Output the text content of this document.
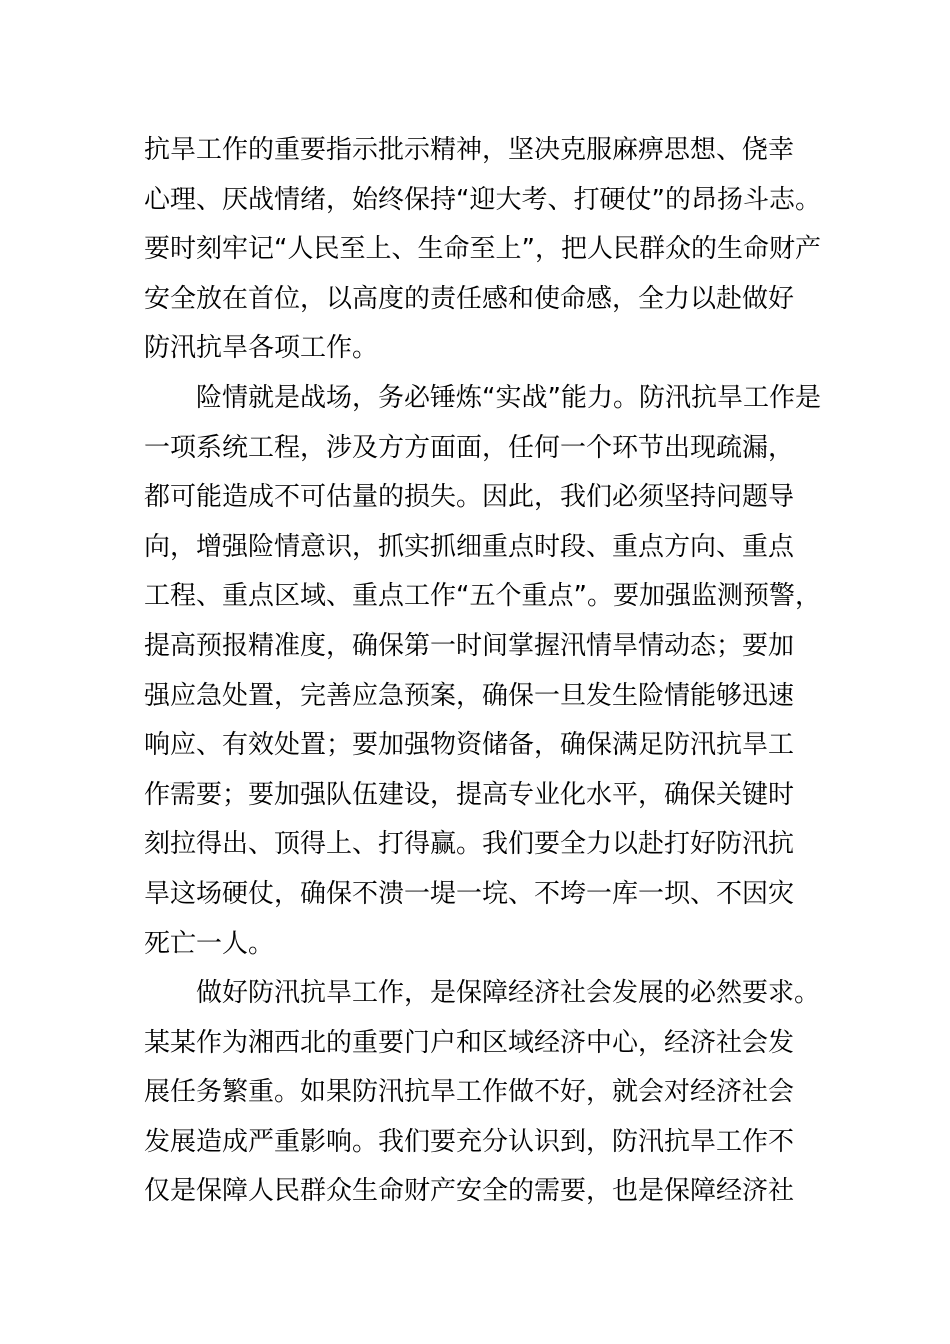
抗旱工作的重要指示批示精神，坚决克服麻痹思想、侥幸
心理、厌战情绪，始终保持“迎大考、打硬仗”的昂扬斗志。
要时刻牢记“人民至上、生命至上”，把人民群众的生命财产
安全放在首位，以高度的责任感和使命感，全力以赴做好
防汛抗旱各项工作。
险情就是战场，务必锤炼“实战”能力。防汛抗旱工作是
一项系统工程，涉及方方面面，任何一个环节出现疏漏，
都可能造成不可估量的损失。因此，我们必须坚持问题导
向，增强险情意识，抓实抓细重点时段、重点方向、重点
工程、重点区域、重点工作“五个重点”。要加强监测预警，
提高预报精准度，确保第一时间掌握汛情旱情动态；要加
强应急处置，完善应急预案，确保一旦发生险情能够迅速
响应、有效处置；要加强物资储备，确保满足防汛抗旱工
作需要；要加强队伍建设，提高专业化水平，确保关键时
刻拉得出、顶得上、打得赢。我们要全力以赴打好防汛抗
旱这场硬仗，确保不溃一堤一垸、不垮一库一坝、不因灾
死亡一人。
做好防汛抗旱工作，是保障经济社会发展的必然要求。
某某作为湘西北的重要门户和区域经济中心，经济社会发
展任务繁重。如果防汛抗旱工作做不好，就会对经济社会
发展造成严重影响。我们要充分认识到，防汛抗旱工作不
仅是保障人民群众生命财产安全的需要，也是保障经济社
